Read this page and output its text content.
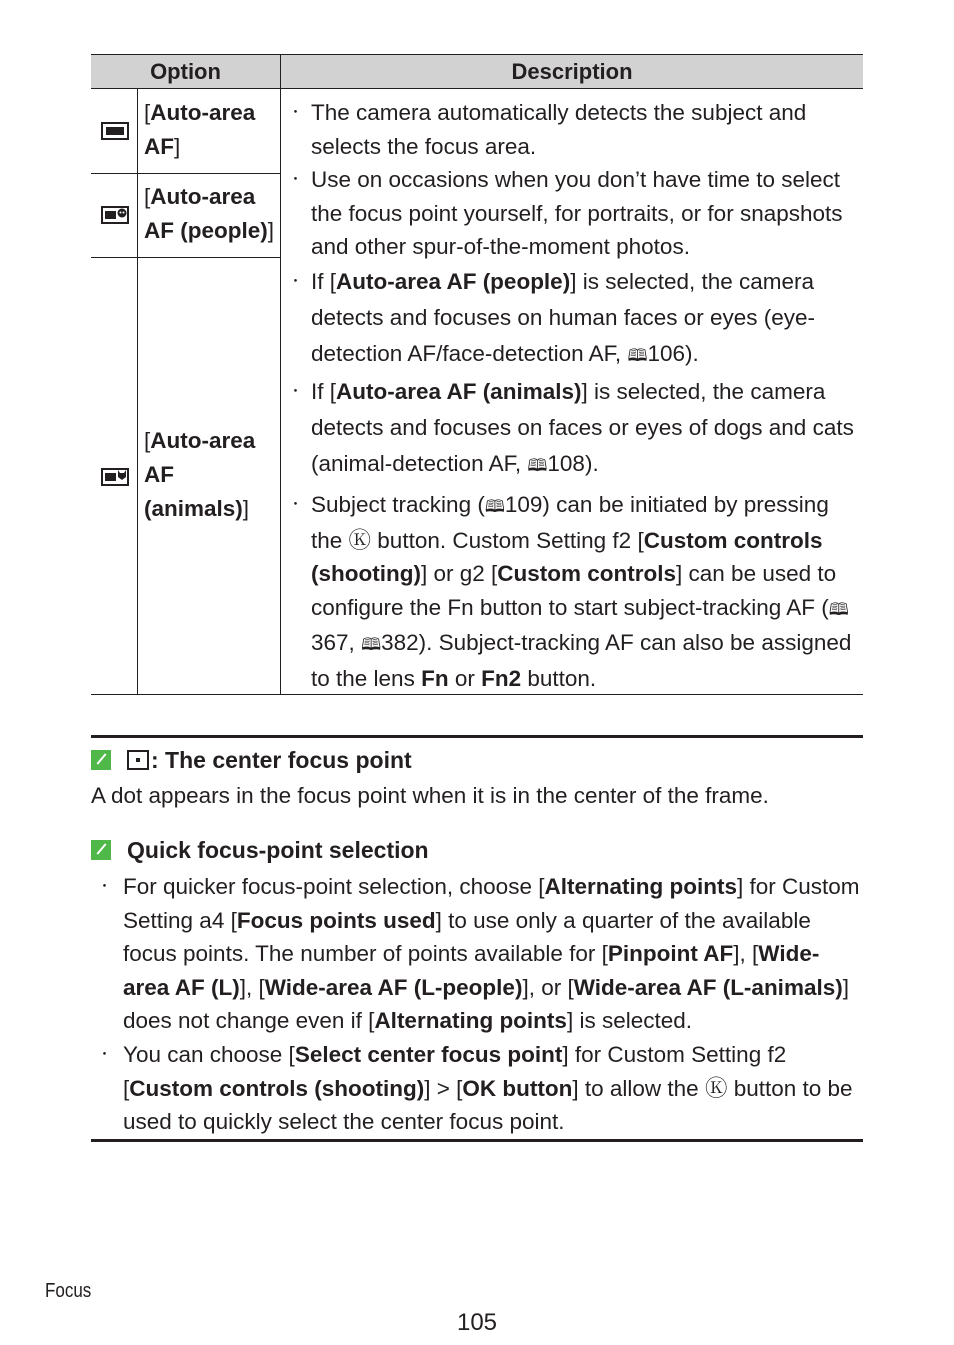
Option	Description
[Auto-area AF]
[Auto-area
AF (people)]
[Auto-area
AF
(animals)]
・ The camera automatically detects the subject and selects the focus area.
・ Use on occasions when you don’t have time to select the focus point yourself, for portraits, or for snapshots and other spur-of-the-moment photos.
・ If [Auto-area AF (people)] is selected, the camera detects and focuses on human faces or eyes (eye-detection AF/face-detection AF, 🕮106).
・ If [Auto-area AF (animals)] is selected, the camera detects and focuses on faces or eyes of dogs and cats (animal-detection AF, 🕮108).
・ Subject tracking (🕮109) can be initiated by pressing the Ⓚ button. Custom Setting f2 [Custom controls (shooting)] or g2 [Custom controls] can be used to configure the Fn button to start subject-tracking AF (🕮367, 🕮382). Subject-tracking AF can also be assigned to the lens Fn or Fn2 button.
: The center focus point
A dot appears in the focus point when it is in the center of the frame.
Quick focus-point selection
・ For quicker focus-point selection, choose [Alternating points] for Custom Setting a4 [Focus points used] to use only a quarter of the available focus points. The number of points available for [Pinpoint AF], [Wide-area AF (L)], [Wide-area AF (L-people)], or [Wide-area AF (L-animals)] does not change even if [Alternating points] is selected.
・ You can choose [Select center focus point] for Custom Setting f2 [Custom controls (shooting)] > [OK button] to allow the Ⓚ button to be used to quickly select the center focus point.
Focus
105
